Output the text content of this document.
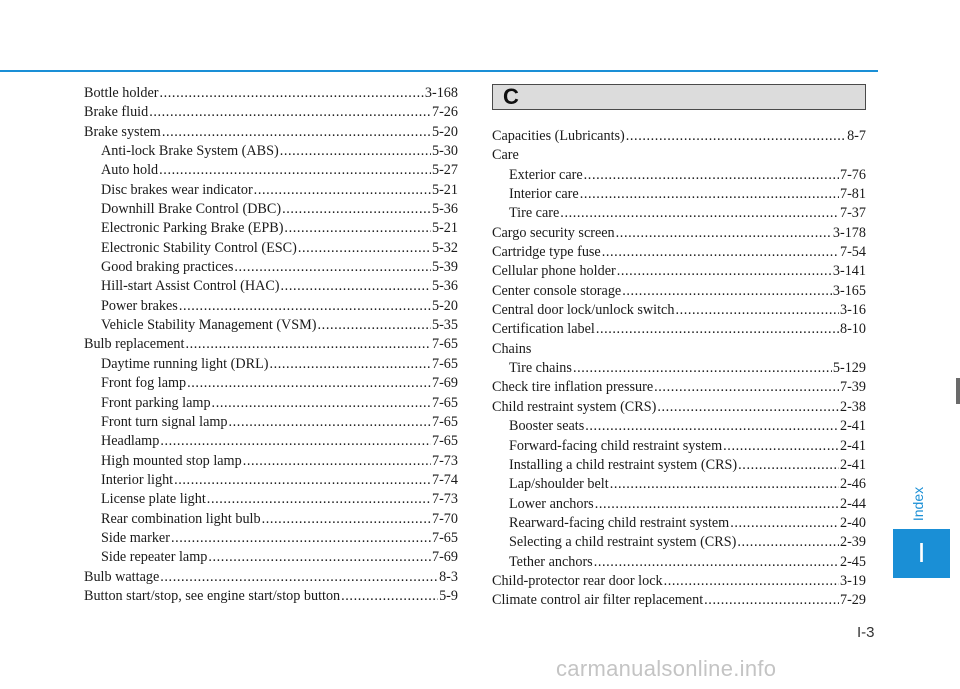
Bottle holder .....	3-168
Brake fluid .....	7-26
Brake system .....	5-20
Anti-lock Brake System (ABS) .....	5-30
Auto hold .....	5-27
Disc brakes wear indicator .....	5-21
Downhill Brake Control (DBC) .....	5-36
Electronic Parking Brake (EPB) .....	5-21
Electronic Stability Control (ESC) .....	5-32
Good braking practices .....	5-39
Hill-start Assist Control (HAC) .....	5-36
Power brakes .....	5-20
Vehicle Stability Management (VSM) .....	5-35
Bulb replacement .....	7-65
Daytime running light (DRL) .....	7-65
Front fog lamp .....	7-69
Front parking lamp .....	7-65
Front turn signal lamp .....	7-65
Headlamp .....	7-65
High mounted stop lamp .....	7-73
Interior light .....	7-74
License plate light .....	7-73
Rear combination light bulb .....	7-70
Side marker .....	7-65
Side repeater lamp .....	7-69
Bulb wattage .....	8-3
Button start/stop, see engine start/stop button .....	5-9
C
Capacities (Lubricants) .....	8-7
Care
Exterior care .....	7-76
Interior care .....	7-81
Tire care .....	7-37
Cargo security screen .....	3-178
Cartridge type fuse .....	7-54
Cellular phone holder .....	3-141
Center console storage .....	3-165
Central door lock/unlock switch .....	3-16
Certification label .....	8-10
Chains
Tire chains .....	5-129
Check tire inflation pressure .....	7-39
Child restraint system (CRS) .....	2-38
Booster seats .....	2-41
Forward-facing child restraint system .....	2-41
Installing a child restraint system (CRS) .....	2-41
Lap/shoulder belt .....	2-46
Lower anchors .....	2-44
Rearward-facing child restraint system .....	2-40
Selecting a child restraint system (CRS) .....	2-39
Tether anchors .....	2-45
Child-protector rear door lock .....	3-19
Climate control air filter replacement .....	7-29
Index
I
I-3
carmanualsonline.info
